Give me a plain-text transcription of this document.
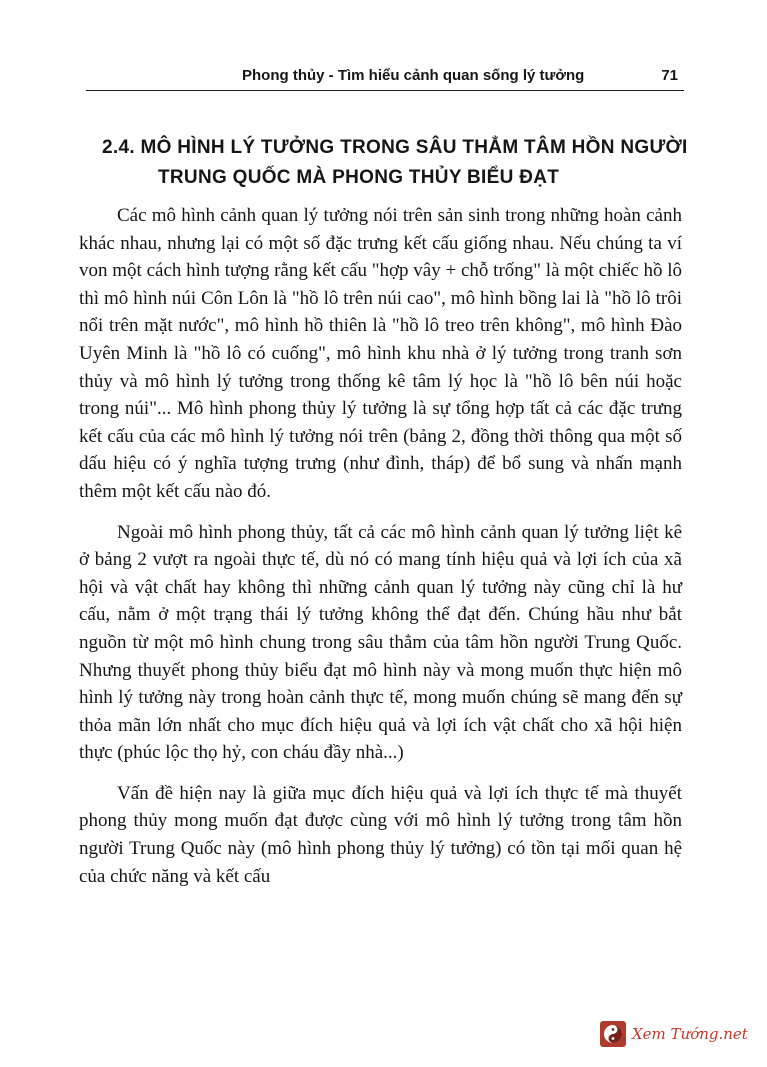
Phong thủy - Tìm hiểu cảnh quan sống lý tưởng	71
2.4. MÔ HÌNH LÝ TƯỞNG TRONG SÂU THẲM TÂM HỒN NGƯỜI
TRUNG QUỐC MÀ PHONG THỦY BIỂU ĐẠT

Các mô hình cảnh quan lý tưởng nói trên sản sinh trong những hoàn cảnh khác nhau, nhưng lại có một số đặc trưng kết cấu giống nhau. Nếu chúng ta ví von một cách hình tượng rằng kết cấu "hợp vây + chỗ trống" là một chiếc hồ lô thì mô hình núi Côn Lôn là "hồ lô trên núi cao", mô hình bồng lai là "hồ lô trôi nổi trên mặt nước", mô hình hồ thiên là "hồ lô treo trên không", mô hình Đào Uyên Minh là "hồ lô có cuống", mô hình khu nhà ở lý tưởng trong tranh sơn thủy và mô hình lý tưởng trong thống kê tâm lý học là "hồ lô bên núi hoặc trong núi"... Mô hình phong thủy lý tưởng là sự tổng hợp tất cả các đặc trưng kết cấu của các mô hình lý tưởng nói trên (bảng 2, đồng thời thông qua một số dấu hiệu có ý nghĩa tượng trưng (như đình, tháp) để bổ sung và nhấn mạnh thêm một kết cấu nào đó.

Ngoài mô hình phong thủy, tất cả các mô hình cảnh quan lý tưởng liệt kê ở bảng 2 vượt ra ngoài thực tế, dù nó có mang tính hiệu quả và lợi ích của xã hội và vật chất hay không thì những cảnh quan lý tưởng này cũng chỉ là hư cấu, nằm ở một trạng thái lý tưởng không thể đạt đến. Chúng hầu như bắt nguồn từ một mô hình chung trong sâu thẳm của tâm hồn người Trung Quốc. Nhưng thuyết phong thủy biểu đạt mô hình này và mong muốn thực hiện mô hình lý tưởng này trong hoàn cảnh thực tế, mong muốn chúng sẽ mang đến sự thỏa mãn lớn nhất cho mục đích hiệu quả và lợi ích vật chất cho xã hội hiện thực (phúc lộc thọ hỷ, con cháu đầy nhà...)

Vấn đề hiện nay là giữa mục đích hiệu quả và lợi ích thực tế mà thuyết phong thủy mong muốn đạt được cùng với mô hình lý tưởng trong tâm hồn người Trung Quốc này (mô hình phong thủy lý tưởng) có tồn tại mối quan hệ của chức năng và kết cấu

Xem Tướng.net
